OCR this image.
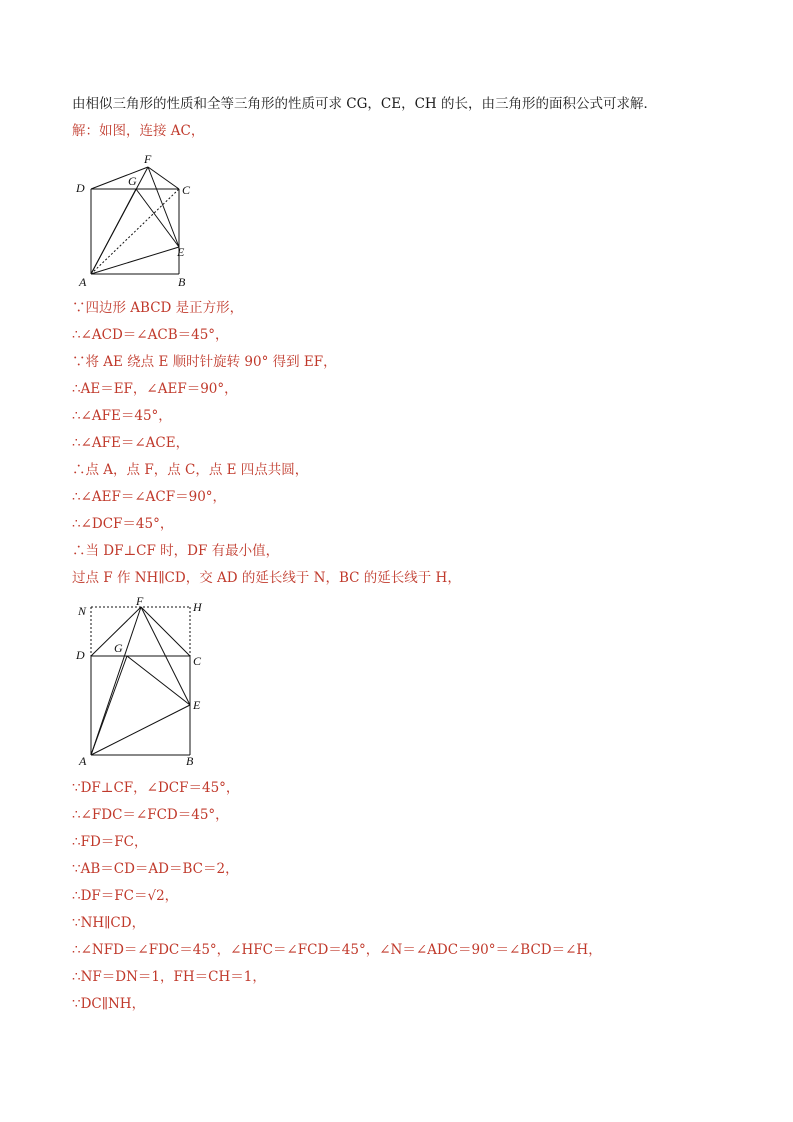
由相似三角形的性质和全等三角形的性质可求 CG，CE，CH 的长，由三角形的面积公式可求解．
解：如图，连接 AC，
F
D	G
C
E
A	B
∵四边形 ABCD 是正方形，
∴∠ACD＝∠ACB＝45°，
∵将 AE 绕点 E 顺时针旋转 90° 得到 EF，
∴AE＝EF，∠AEF＝90°，
∴∠AFE＝45°，
∴∠AFE＝∠ACE，
∴点 A，点 F，点 C，点 E 四点共圆，
∴∠AEF＝∠ACF＝90°，
∴∠DCF＝45°，
∴当 DF⊥CF 时，DF 有最小值，
过点 F 作 NH∥CD，交 AD 的延长线于 N，BC 的延长线于 H，
N
F	H
D G
C
E
A	B
∵DF⊥CF，∠DCF＝45°，
∴∠FDC＝∠FCD＝45°，
∴FD＝FC，
∵AB＝CD＝AD＝BC＝2，
∴DF＝FC＝√2，
∵NH∥CD，
∴∠NFD＝∠FDC＝45°，∠HFC＝∠FCD＝45°，∠N＝∠ADC＝90°＝∠BCD＝∠H，
∴NF＝DN＝1，FH＝CH＝1，
∵DC∥NH，
